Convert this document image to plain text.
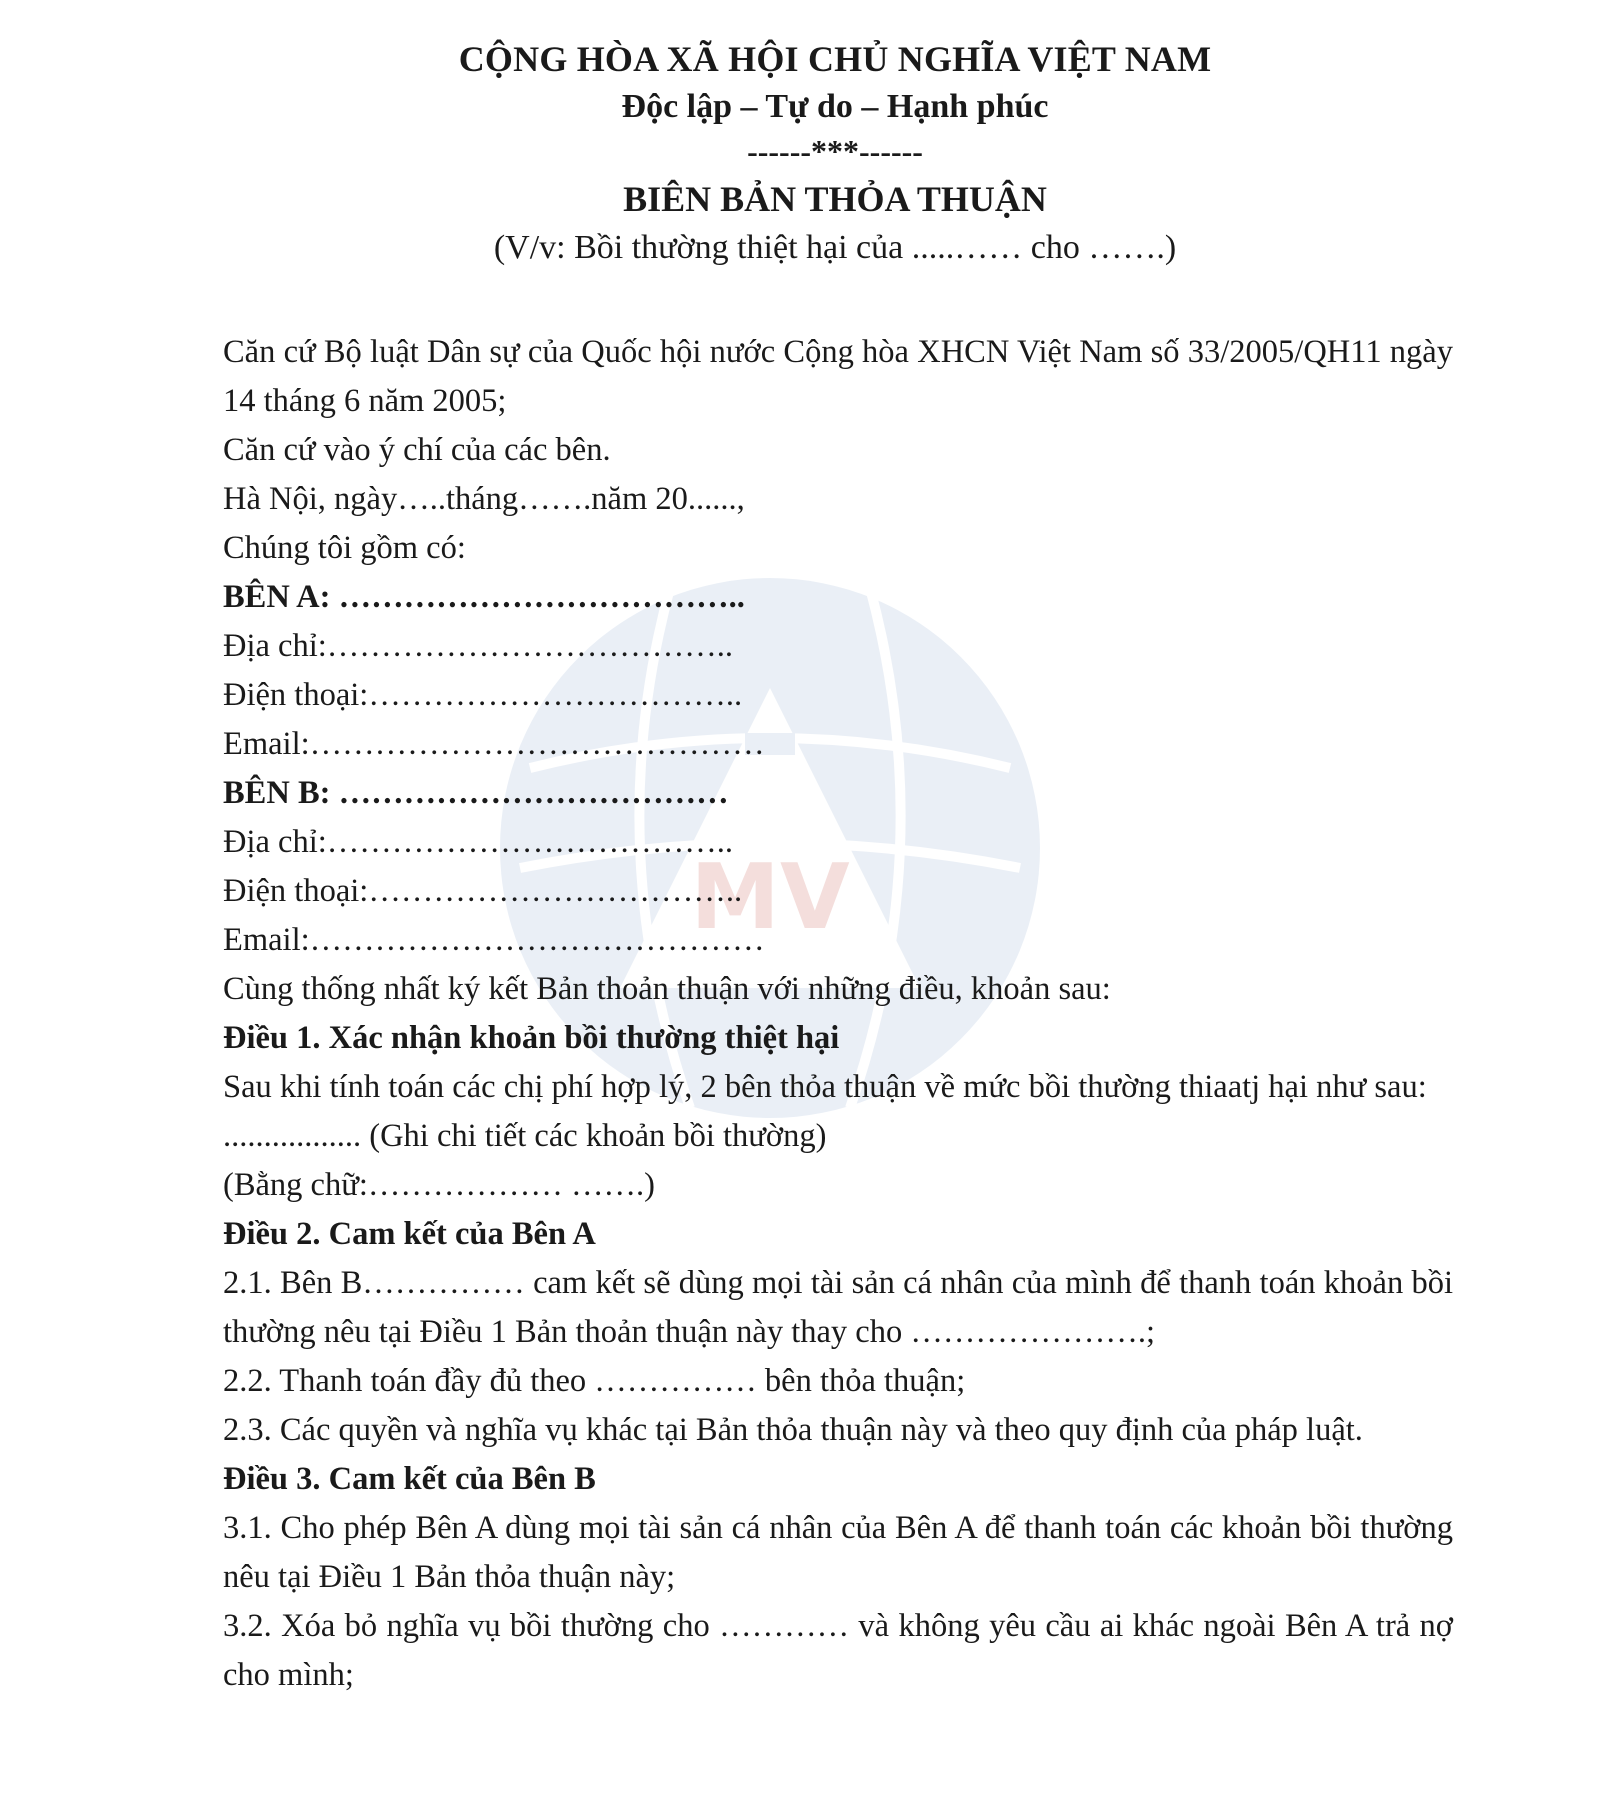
MV
CỘNG HÒA XÃ HỘI CHỦ NGHĨA VIỆT NAM
Độc lập – Tự do – Hạnh phúc
------***------
BIÊN BẢN THỎA THUẬN
(V/v: Bồi thường thiệt hại của .....…… cho …….)

Căn cứ Bộ luật Dân sự của Quốc hội nước Cộng hòa XHCN Việt Nam số 33/2005/QH11 ngày 14 tháng 6 năm 2005;

Căn cứ vào ý chí của các bên.

Hà Nội, ngày…..tháng…….năm 20......,

Chúng tôi gồm có:

BÊN A: ………………………………..

Địa chỉ:………………………………..

Điện thoại:……………………………..

Email:……………………………………

BÊN B: ………………………………

Địa chỉ:………………………………..

Điện thoại:……………………………..

Email:……………………………………

Cùng thống nhất ký kết Bản thoản thuận với những điều, khoản sau:

Điều 1. Xác nhận khoản bồi thường thiệt hại

Sau khi tính toán các chị phí hợp lý, 2 bên thỏa thuận về mức bồi thường thiaatj hại như sau:

................. (Ghi chi tiết các khoản bồi thường)

(Bằng chữ:……………… …….)

Điều 2. Cam kết của Bên A

2.1. Bên B…………… cam kết sẽ dùng mọi tài sản cá nhân của mình để thanh toán khoản bồi thường nêu tại Điều 1 Bản thoản thuận này thay cho ………………….;

2.2. Thanh toán đầy đủ theo …………… bên thỏa thuận;

2.3. Các quyền và nghĩa vụ khác tại Bản thỏa thuận này và theo quy định của pháp luật.

Điều 3. Cam kết của Bên B

3.1. Cho phép Bên A dùng mọi tài sản cá nhân của Bên A để thanh toán các khoản bồi thường nêu tại Điều 1 Bản thỏa thuận này;

3.2. Xóa bỏ nghĩa vụ bồi thường cho ………… và không yêu cầu ai khác ngoài Bên A trả nợ cho mình;
